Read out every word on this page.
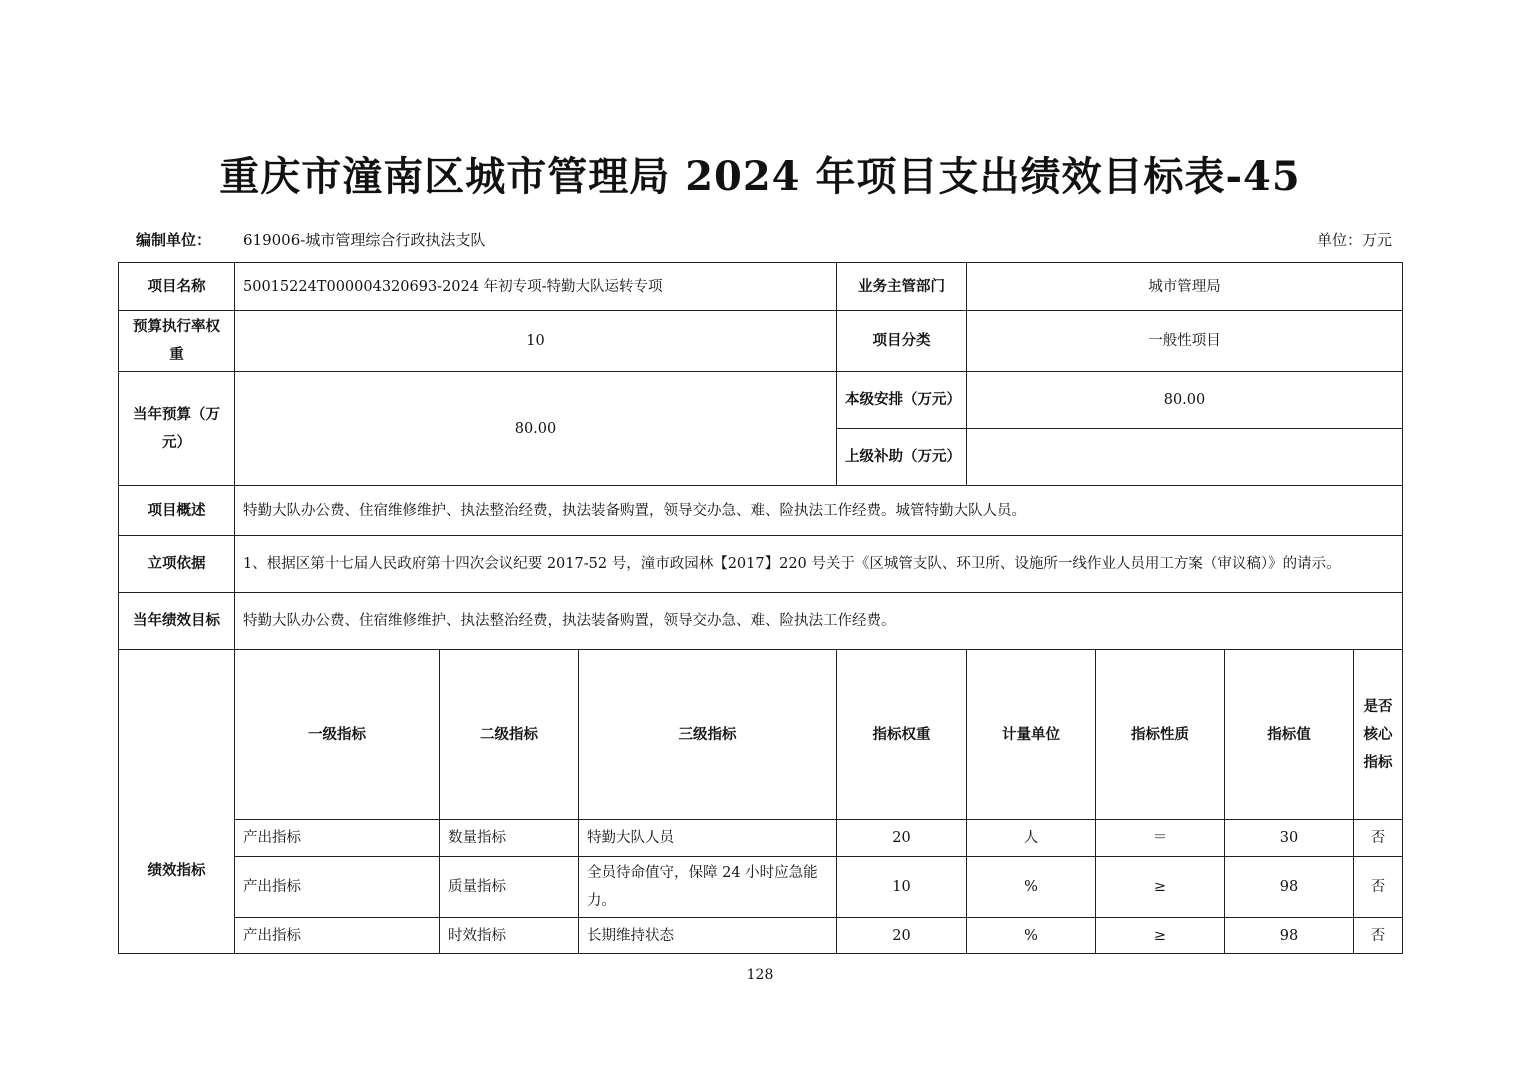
重庆市潼南区城市管理局 2024 年项目支出绩效目标表-45
编制单位： 619006-城市管理综合行政执法支队	单位：万元
项目名称	50015224T000004320693-2024 年初专项-特勤大队运转专项			业务主管部门	城市管理局			
预算执行率权重	10			项目分类	一般性项目			
当年预算（万元）	80.00			本级安排（万元）	80.00			
				上级补助（万元）				
项目概述	特勤大队办公费、住宿维修维护、执法整治经费，执法装备购置，领导交办急、难、险执法工作经费。城管特勤大队人员。							
立项依据	1、根据区第十七届人民政府第十四次会议纪要 2017-52 号，潼市政园林【2017】220 号关于《区城管支队、环卫所、设施所一线作业人员用工方案（审议稿）》的请示。							
当年绩效目标	特勤大队办公费、住宿维修维护、执法整治经费，执法装备购置，领导交办急、难、险执法工作经费。							
绩效指标	一级指标	二级指标	三级指标	指标权重	计量单位	指标性质	指标值	是否核心指标
	产出指标	数量指标	特勤大队人员	20	人	＝	30	否
	产出指标	质量指标	全员待命值守，保障 24 小时应急能力。	10	%	≥	98	否
	产出指标	时效指标	长期维持状态	20	%	≥	98	否
128
